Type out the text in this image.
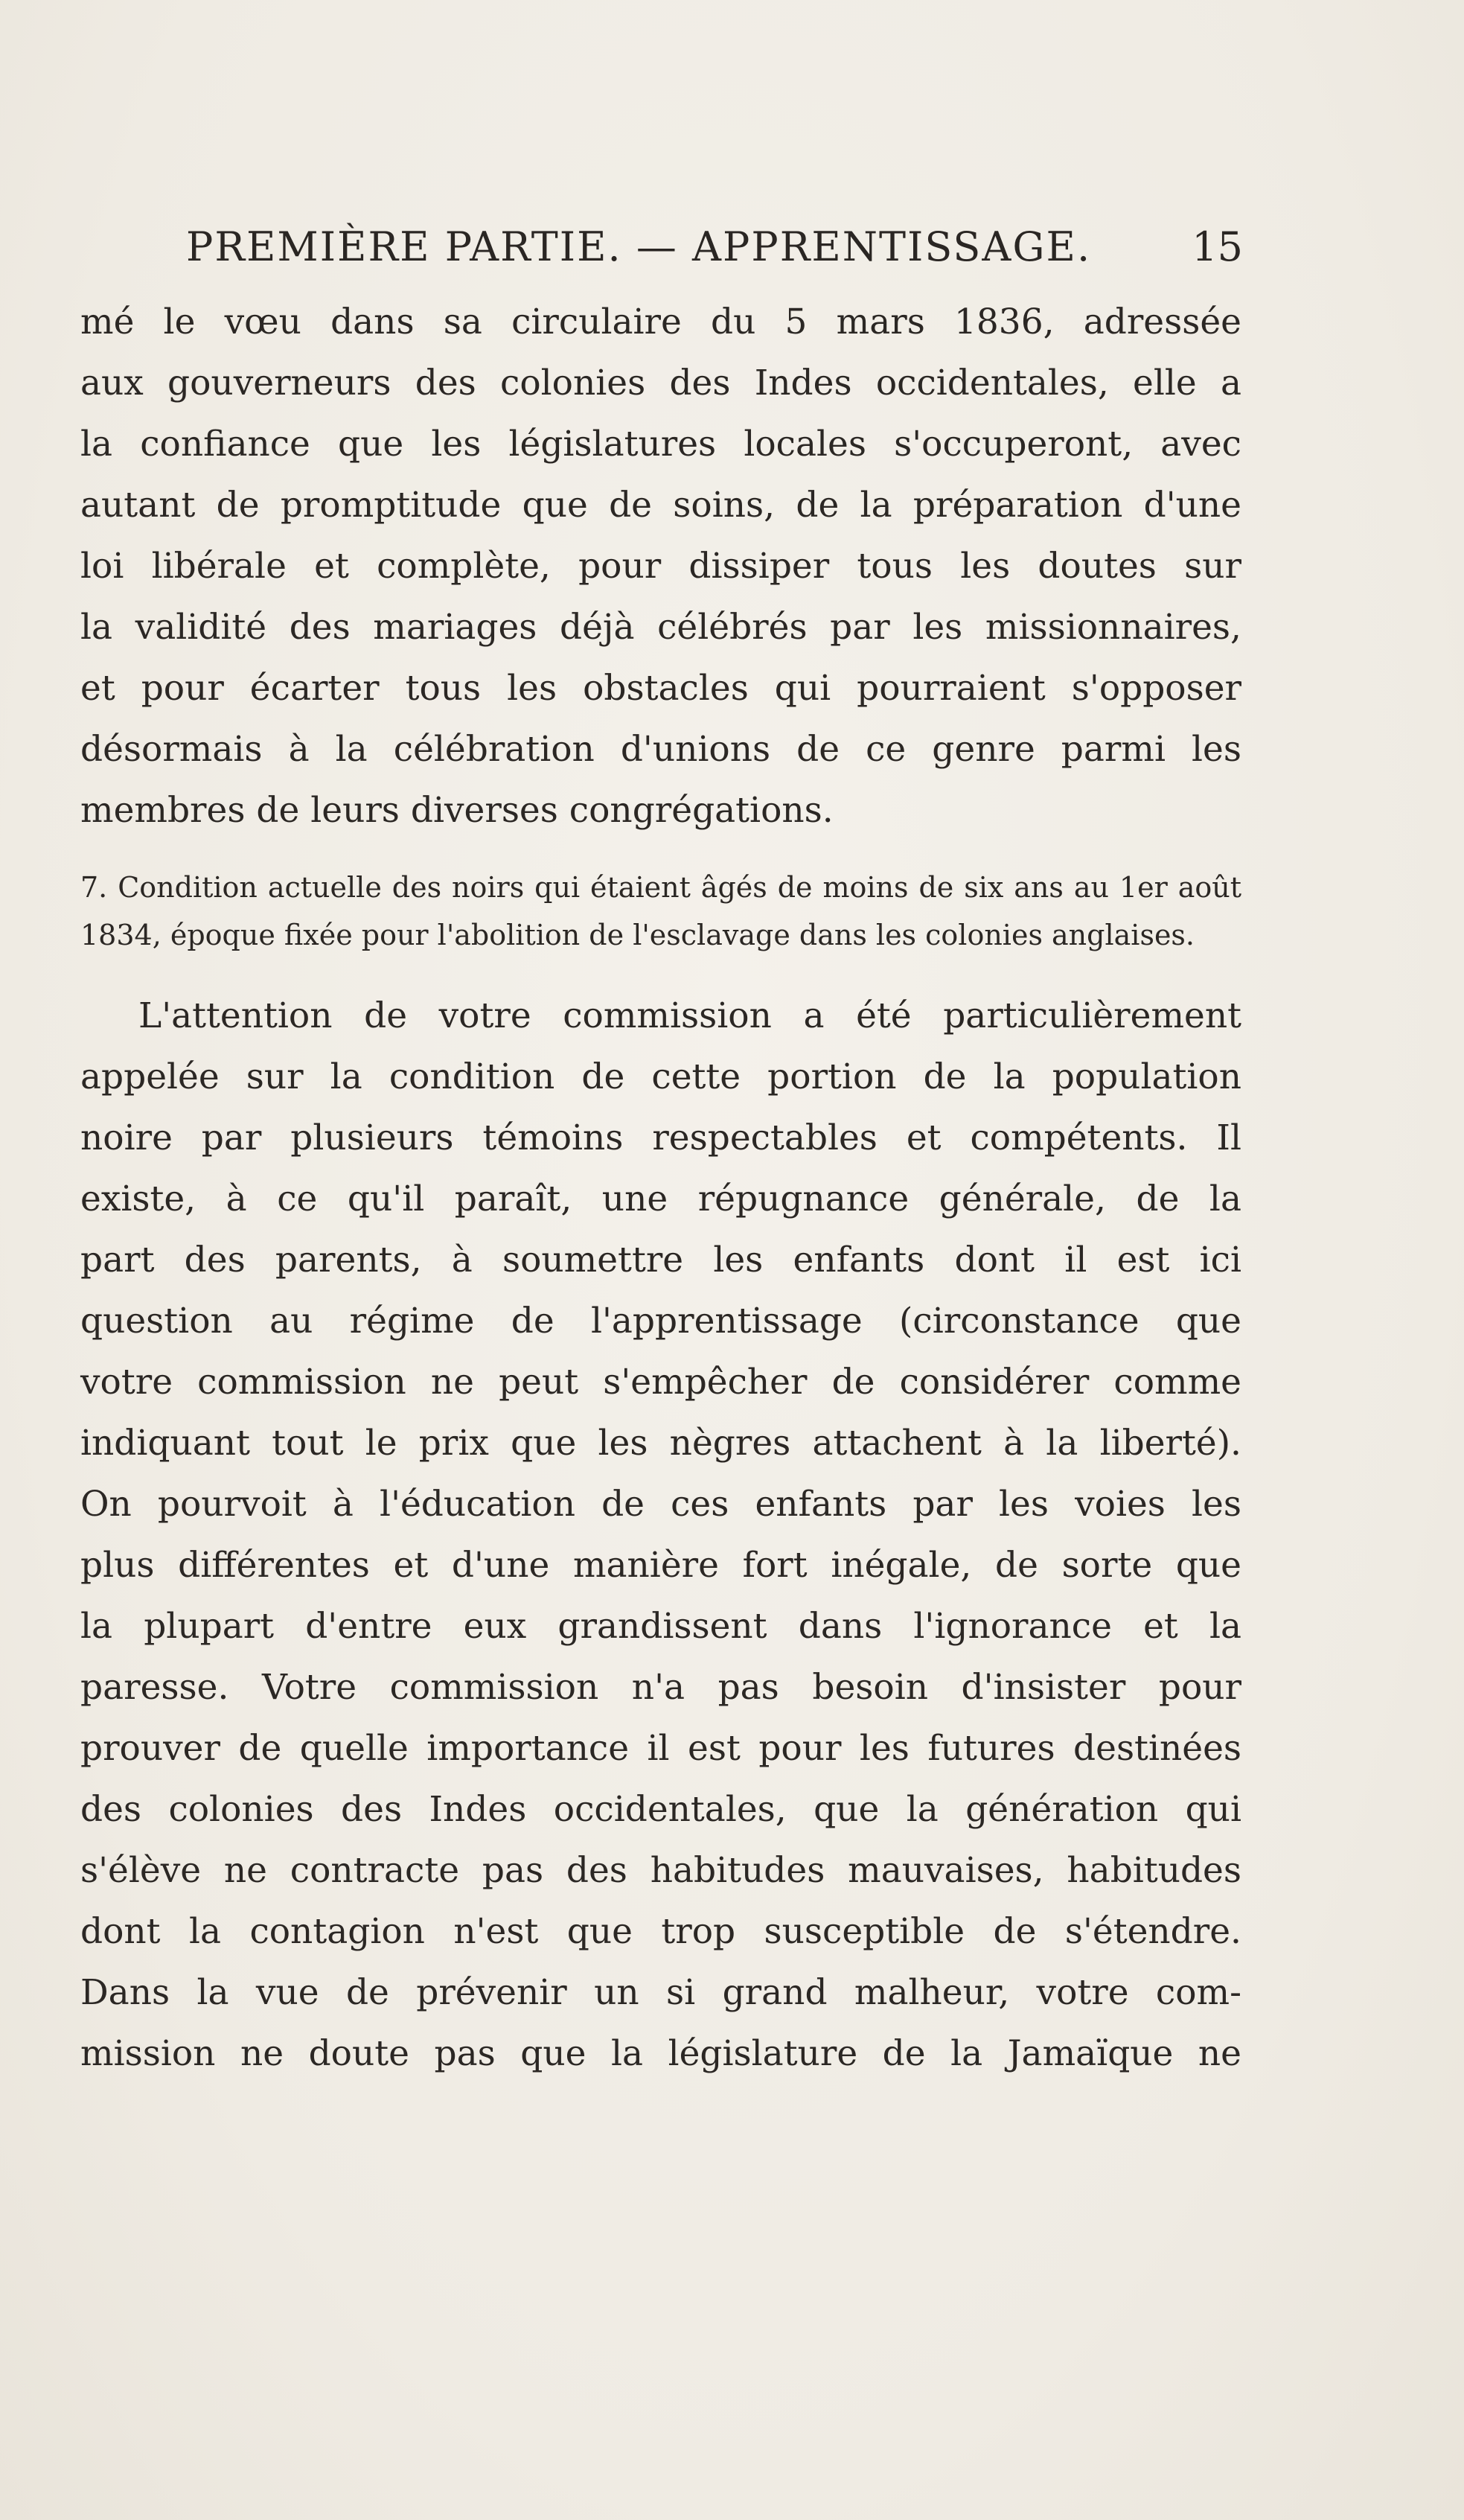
PREMIÈRE PARTIE. — APPRENTISSAGE.	15
mé le vœu dans sa circulaire du 5 mars 1836, adressée
aux gouverneurs des colonies des Indes occidentales, elle a
la confiance que les législatures locales s'occuperont, avec
autant de promptitude que de soins, de la préparation d'une
loi libérale et complète, pour dissiper tous les doutes sur
la validité des mariages déjà célébrés par les missionnaires,
et pour écarter tous les obstacles qui pourraient s'opposer
désormais à la célébration d'unions de ce genre parmi les
membres de leurs diverses congrégations.
7. Condition actuelle des noirs qui étaient âgés de moins de six ans au 1er août
1834, époque fixée pour l'abolition de l'esclavage dans les colonies anglaises.
L'attention de votre commission a été particulièrement
appelée sur la condition de cette portion de la population
noire par plusieurs témoins respectables et compétents. Il
existe, à ce qu'il paraît, une répugnance générale, de la
part des parents, à soumettre les enfants dont il est ici
question au régime de l'apprentissage (circonstance que
votre commission ne peut s'empêcher de considérer comme
indiquant tout le prix que les nègres attachent à la liberté).
On pourvoit à l'éducation de ces enfants par les voies les
plus différentes et d'une manière fort inégale, de sorte que
la plupart d'entre eux grandissent dans l'ignorance et la
paresse. Votre commission n'a pas besoin d'insister pour
prouver de quelle importance il est pour les futures destinées
des colonies des Indes occidentales, que la génération qui
s'élève ne contracte pas des habitudes mauvaises, habitudes
dont la contagion n'est que trop susceptible de s'étendre.
Dans la vue de prévenir un si grand malheur, votre com-
mission ne doute pas que la législature de la Jamaïque ne
